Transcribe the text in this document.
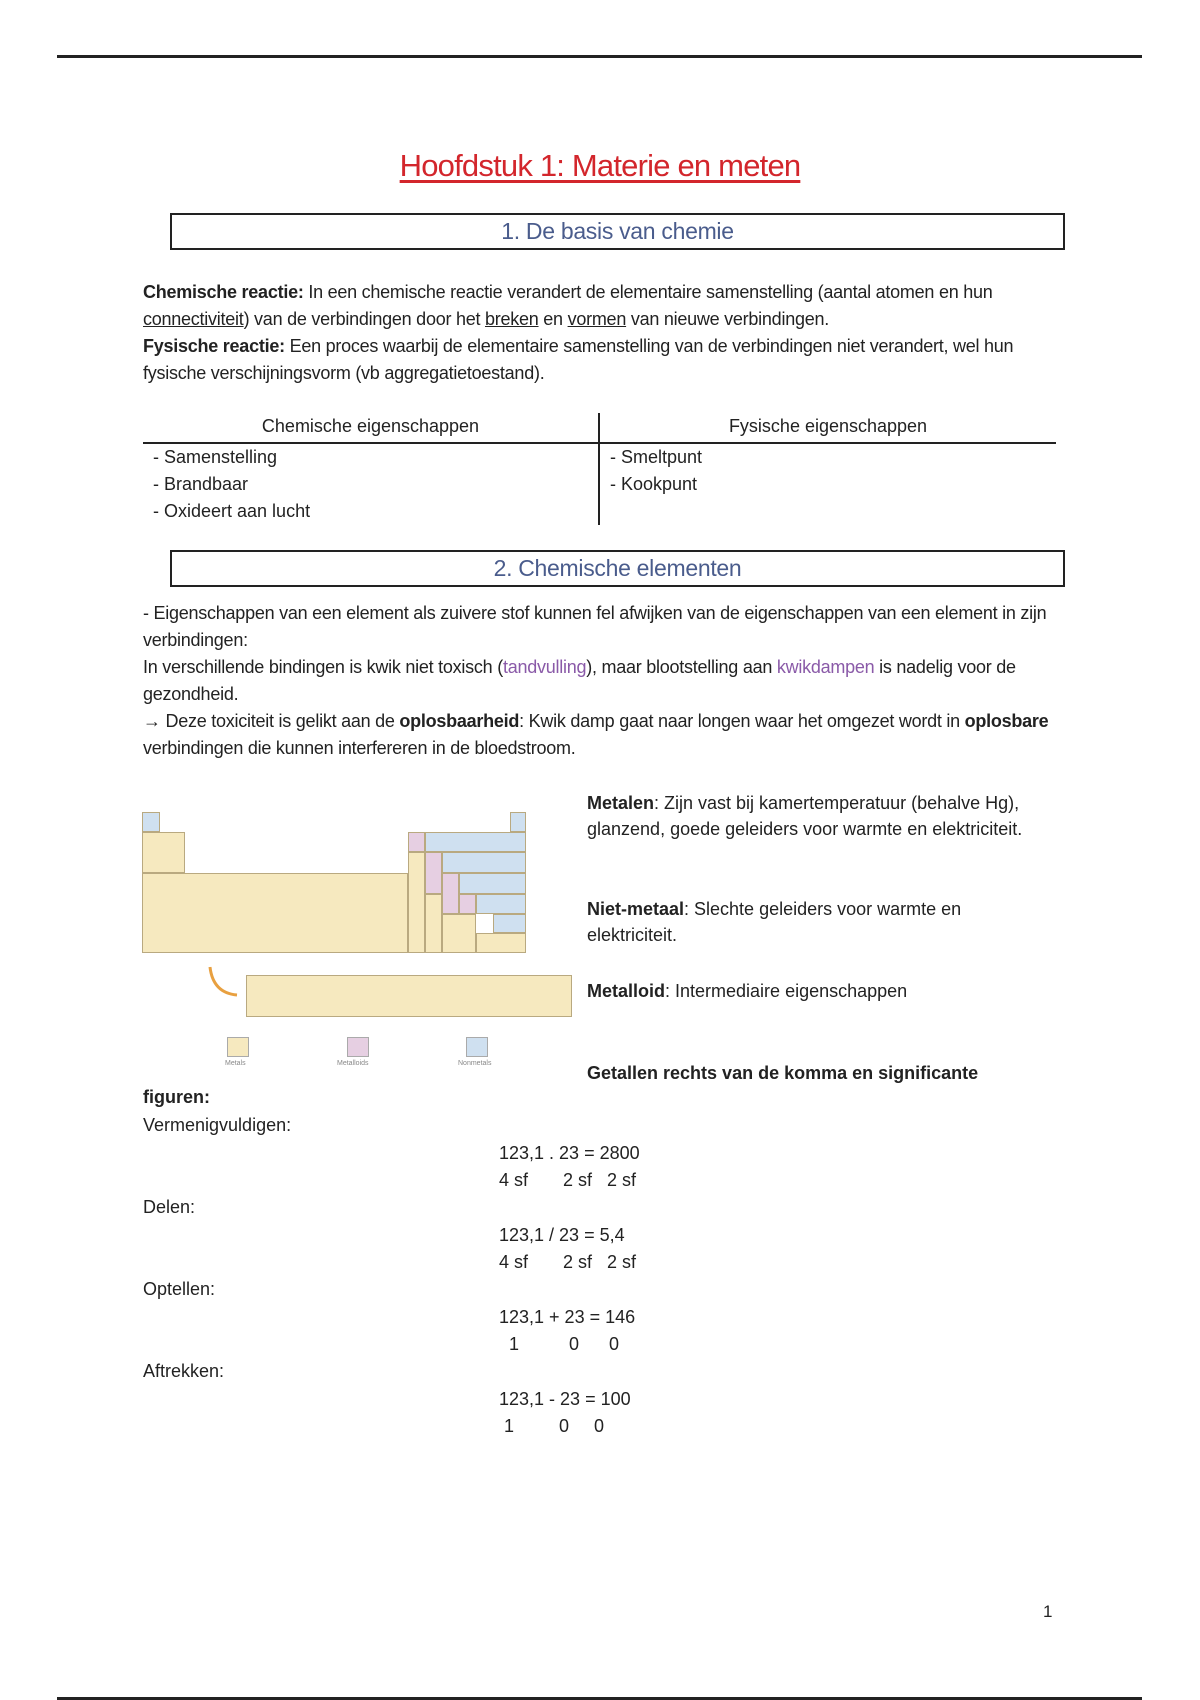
Hoofdstuk 1: Materie en meten
1. De basis van chemie
Chemische reactie: In een chemische reactie verandert de elementaire samenstelling (aantal atomen en hun connectiviteit) van de verbindingen door het breken en vormen van nieuwe verbindingen.
Fysische reactie: Een proces waarbij de elementaire samenstelling van de verbindingen niet verandert, wel hun fysische verschijningsvorm (vb aggregatietoestand).
Chemische eigenschappen
- Samenstelling
- Brandbaar
- Oxideert aan lucht
Fysische eigenschappen
- Smeltpunt
- Kookpunt
2. Chemische elementen
- Eigenschappen van een element als zuivere stof kunnen fel afwijken van de eigenschappen van een element in zijn verbindingen:
In verschillende bindingen is kwik niet toxisch (tandvulling), maar blootstelling aan kwikdampen is nadelig voor de gezondheid.
→ Deze toxiciteit is gelikt aan de oplosbaarheid: Kwik damp gaat naar longen waar het omgezet wordt in oplosbare verbindingen die kunnen interfereren in de bloedstroom.
Metals	Metalloids	Nonmetals
Metalen: Zijn vast bij kamertemperatuur (behalve Hg), glanzend, goede geleiders voor warmte en elektriciteit.
Niet-metaal: Slechte geleiders voor warmte en elektriciteit.
Metalloid: Intermediaire eigenschappen
Getallen rechts van de komma en significante
figuren:
Vermenigvuldigen:
123,1 . 23 = 2800
4 sf       2 sf   2 sf
Delen:
123,1 / 23 = 5,4
4 sf       2 sf   2 sf
Optellen:
123,1 + 23 = 146
1          0      0
Aftrekken:
123,1 - 23 = 100
1         0     0
1
